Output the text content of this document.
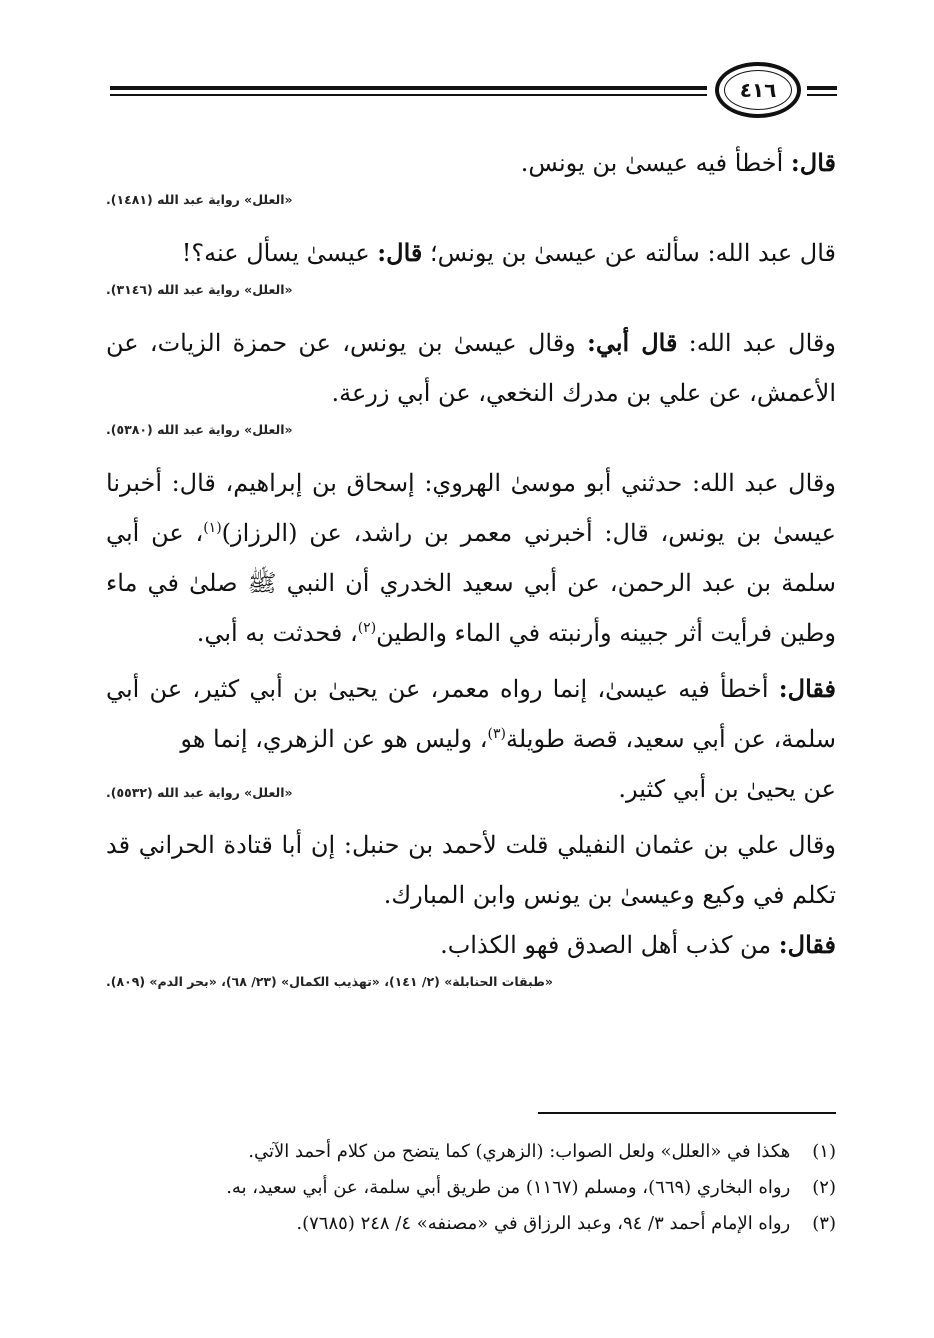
٤١٦

قال: أخطأ فيه عيسىٰ بن يونس.

«العلل» رواية عبد الله (١٤٨١).

قال عبد الله: سألته عن عيسىٰ بن يونس؛ قال: عيسىٰ يسأل عنه؟!

«العلل» رواية عبد الله (٣١٤٦).

وقال عبد الله: قال أبي: وقال عيسىٰ بن يونس، عن حمزة الزيات، عن الأعمش، عن علي بن مدرك النخعي، عن أبي زرعة.

«العلل» رواية عبد الله (٥٣٨٠).

وقال عبد الله: حدثني أبو موسىٰ الهروي: إسحاق بن إبراهيم، قال: أخبرنا عيسىٰ بن يونس، قال: أخبرني معمر بن راشد، عن (الرزاز)$^{(١)}$، عن أبي سلمة بن عبد الرحمن، عن أبي سعيد الخدري أن النبي ﷺ صلىٰ في ماء وطين فرأيت أثر جبينه وأرنبته في الماء والطين$^{(٢)}$، فحدثت به أبي.

فقال: أخطأ فيه عيسىٰ، إنما رواه معمر، عن يحيىٰ بن أبي كثير، عن أبي سلمة، عن أبي سعيد، قصة طويلة$^{(٣)}$، وليس هو عن الزهري، إنما هو

عن يحيىٰ بن أبي كثير.

«العلل» رواية عبد الله (٥٥٣٢).

وقال علي بن عثمان النفيلي قلت لأحمد بن حنبل: إن أبا قتادة الحراني قد تكلم في وكيع وعيسىٰ بن يونس وابن المبارك.

فقال: من كذب أهل الصدق فهو الكذاب.

«طبقات الحنابلة» (٢/ ١٤١)، «تهذيب الكمال» (٢٣/ ٦٨)، «بحر الدم» (٨٠٩).

(١) هكذا في «العلل» ولعل الصواب: (الزهري) كما يتضح من كلام أحمد الآتي.

(٢) رواه البخاري (٦٦٩)، ومسلم (١١٦٧) من طريق أبي سلمة، عن أبي سعيد، به.

(٣) رواه الإمام أحمد ٣/ ٩٤، وعبد الرزاق في «مصنفه» ٤/ ٢٤٨ (٧٦٨٥).
